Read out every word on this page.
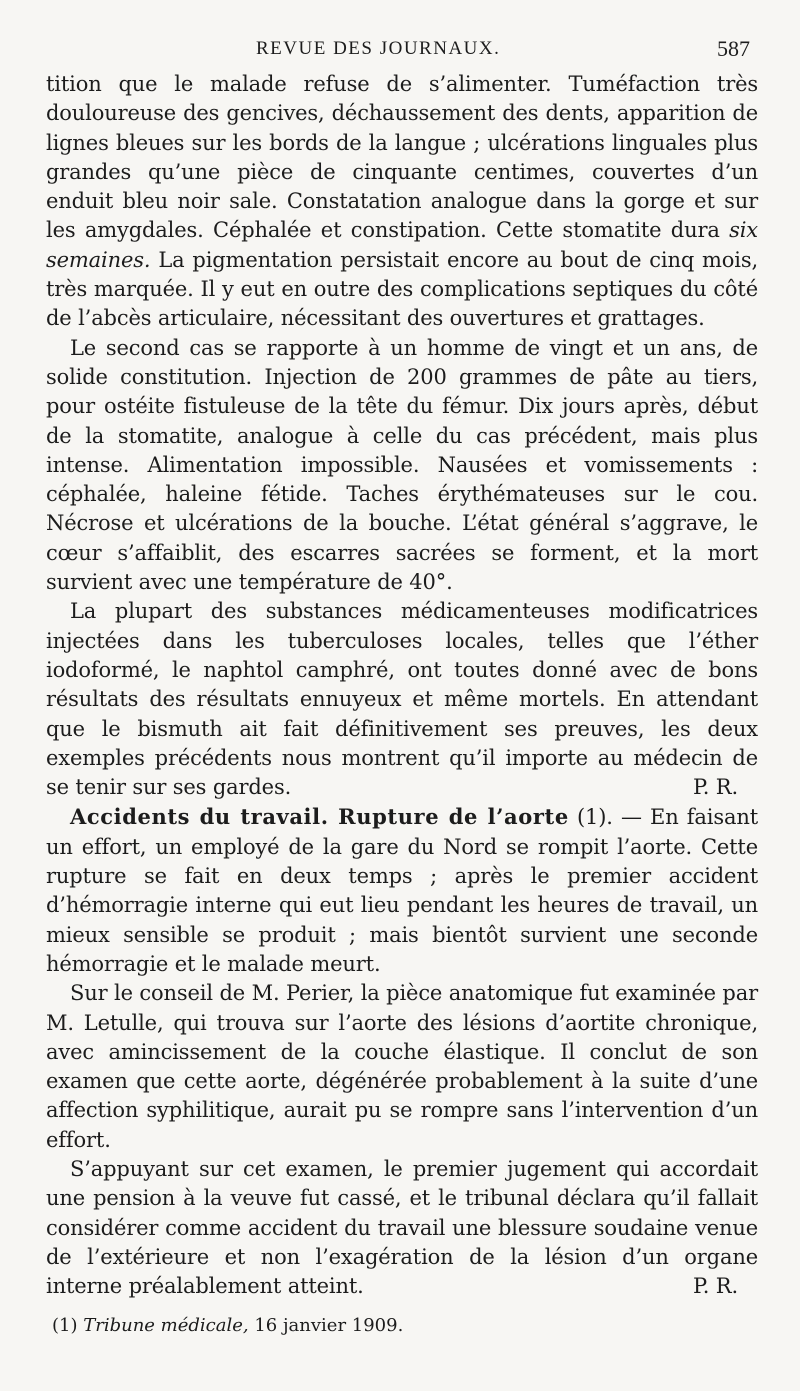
REVUE DES JOURNAUX.	587

tition que le malade refuse de s’alimenter. Tuméfaction très douloureuse des gencives, déchaussement des dents, apparition de lignes bleues sur les bords de la langue ; ulcérations linguales plus grandes qu’une pièce de cinquante centimes, couvertes d’un enduit bleu noir sale. Constatation analogue dans la gorge et sur les amygdales. Céphalée et constipation. Cette stomatite dura six semaines. La pigmentation persistait encore au bout de cinq mois, très marquée. Il y eut en outre des complications septiques du côté de l’abcès articulaire, nécessitant des ouvertures et grattages.

Le second cas se rapporte à un homme de vingt et un ans, de solide constitution. Injection de 200 grammes de pâte au tiers, pour ostéite fistuleuse de la tête du fémur. Dix jours après, début de la stomatite, analogue à celle du cas précédent, mais plus intense. Alimentation impossible. Nausées et vomissements : céphalée, haleine fétide. Taches érythémateuses sur le cou. Nécrose et ulcérations de la bouche. L’état général s’aggrave, le cœur s’affaiblit, des escarres sacrées se forment, et la mort survient avec une température de 40°.

La plupart des substances médicamenteuses modificatrices injectées dans les tuberculoses locales, telles que l’éther iodoformé, le naphtol camphré, ont toutes donné avec de bons résultats des résultats ennuyeux et même mortels. En attendant que le bismuth ait fait définitivement ses preuves, les deux exemples précédents nous montrent qu’il importe au médecin de se tenir sur ses gardes.	P. R.

Accidents du travail. Rupture de l’aorte (1). — En faisant un effort, un employé de la gare du Nord se rompit l’aorte. Cette rupture se fait en deux temps ; après le premier accident d’hémorragie interne qui eut lieu pendant les heures de travail, un mieux sensible se produit ; mais bientôt survient une seconde hémorragie et le malade meurt.

Sur le conseil de M. Perier, la pièce anatomique fut examinée par M. Letulle, qui trouva sur l’aorte des lésions d’aortite chronique, avec amincissement de la couche élastique. Il conclut de son examen que cette aorte, dégénérée probablement à la suite d’une affection syphilitique, aurait pu se rompre sans l’intervention d’un effort.

S’appuyant sur cet examen, le premier jugement qui accordait une pension à la veuve fut cassé, et le tribunal déclara qu’il fallait considérer comme accident du travail une blessure soudaine venue de l’extérieure et non l’exagération de la lésion d’un organe interne préalablement atteint.	P. R.

(1) Tribune médicale, 16 janvier 1909.
